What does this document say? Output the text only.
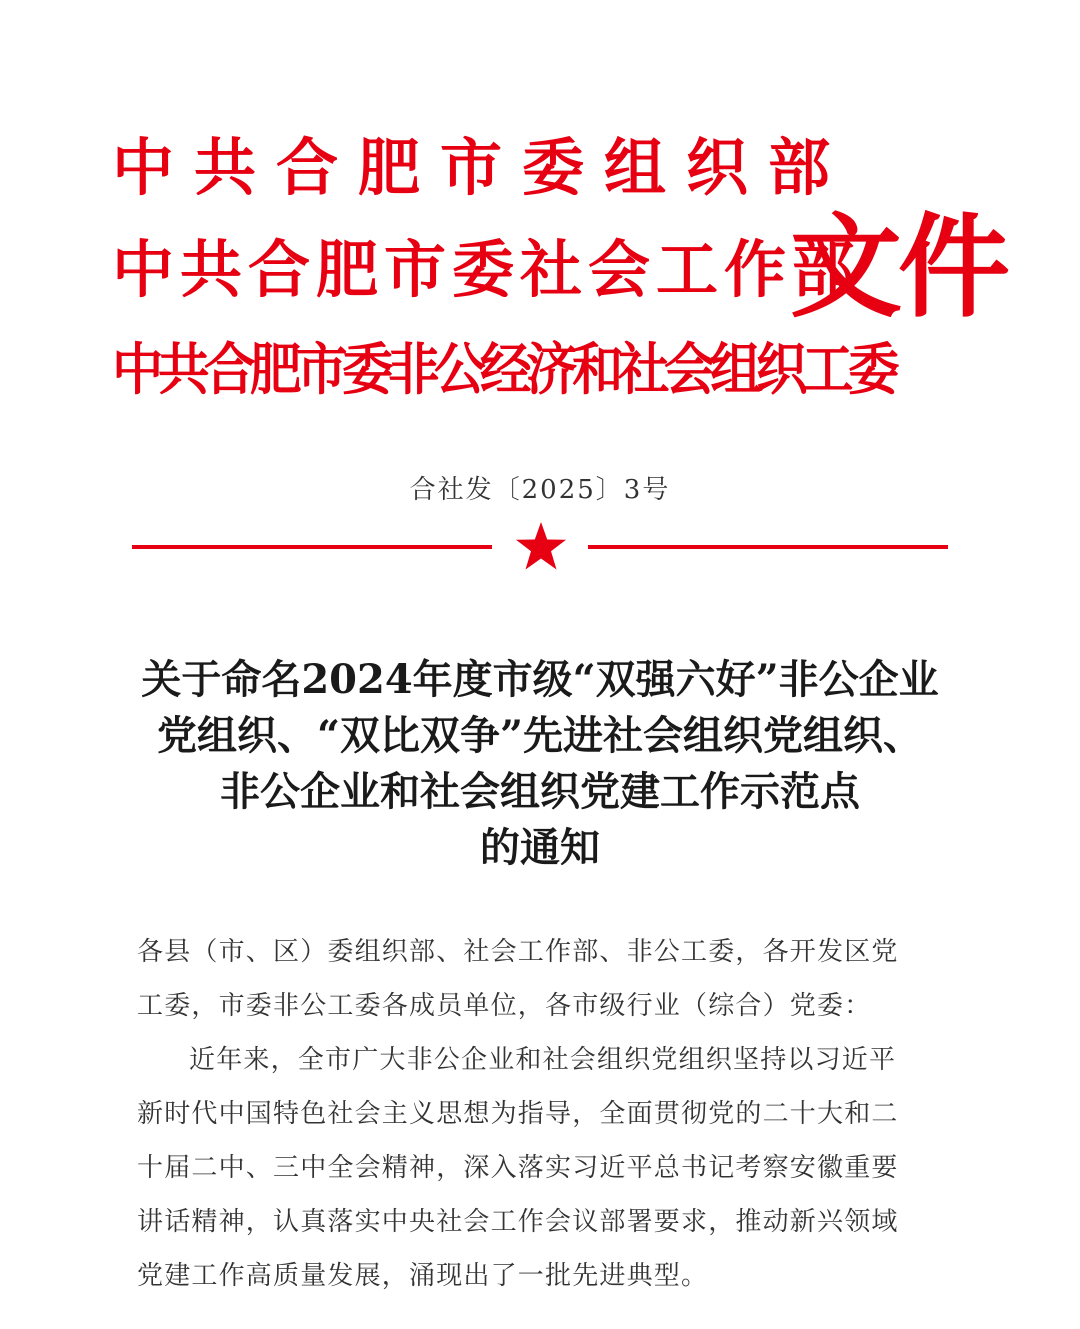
中共合肥市委组织部
中共合肥市委社会工作部
中共合肥市委非公经济和社会组织工委
文件
合社发〔2025〕3号
关于命名2024年度市级“双强六好”非公企业
党组织、“双比双争”先进社会组织党组织、
非公企业和社会组织党建工作示范点
的通知
各县（市、区）委组织部、社会工作部、非公工委，各开发区党
工委，市委非公工委各成员单位，各市级行业（综合）党委：
近年来，全市广大非公企业和社会组织党组织坚持以习近平
新时代中国特色社会主义思想为指导，全面贯彻党的二十大和二
十届二中、三中全会精神，深入落实习近平总书记考察安徽重要
讲话精神，认真落实中央社会工作会议部署要求，推动新兴领域
党建工作高质量发展，涌现出了一批先进典型。
